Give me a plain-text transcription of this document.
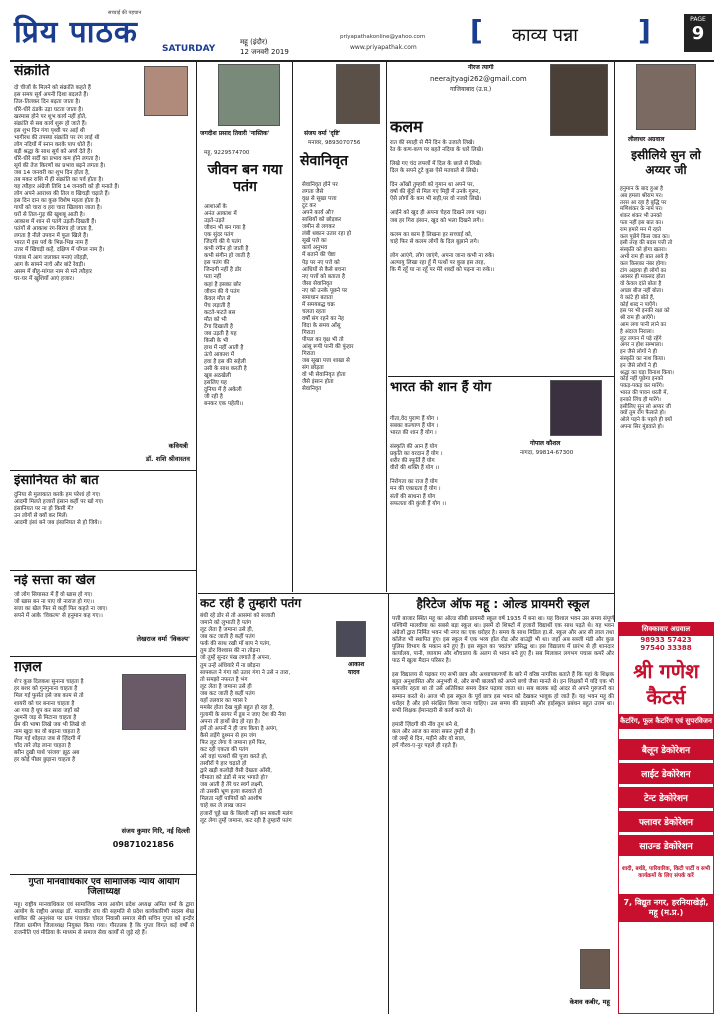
प्रिय पाठक
सच्चाई की पहचान
SATURDAY
महू (इंदौर)
12 जनवरी 2019
priyapathakonline@yahoo.com
www.priyapathak.com
[ काव्य पन्ना ]	PAGE
9
संक्रांति
दो चीजों के मिलने को संक्रांति कहते हैं
इस समय सूर्य अपनी दिशा बदलते हैं।
तिल-तिलकर दिन बढ़ता जाता है।
धीरे-धीरे ठंडके उड़ा घटता जाता है।
खरमास होने पर शुभ कार्य नहीं होते,
संक्रांति से सब कार्य शुरू हो जाते हैं।
इस शुभ दिन गंगा पृथ्वी पर आई थी
भागीरथ की तपस्या संक्रांति पर रंग लाई थी
लोग नदियों में स्नान करके पाप धोते हैं।
बड़ी श्रद्धा के साथ सूर्य को अर्घ्य देते हैं।
धीरे-धीरे सर्दी का प्रभाव कम होने लगता है।
सूर्य की तेज किरणों का प्रभाव बढ़ने लगता है।
जब 14 जनवरी का शुभ दिन होता है,
तब मकर राशि में ही संक्रांति का पर्व होता है।
यह त्यौहार अंग्रेजी तिथि 14 जनवरी को ही मनाते हैं।
लोग अपने आराध्य की तिल व खिचड़ी चढ़ाते हैं।
इस दिन दान का कुछ विशेष महत्व होता है।
गायों को चारा व हरा चारा खिलाया जाता है।
घरों से तिल-गुड़ की खुशबू आती है।
आकाश में शान से पतंगे उड़ती-दिखती हैं।
पतंगों से आकाश रंग-बिरंगा हो जाता है,
लगता है नीले उपवन में फूल खिले हैं।
भारत में इस पर्व के भिन्न-भिन्न नाम हैं
उत्तर में खिचड़ी कहें, दक्षिण में पोंगल नाम है।
पंजाब में आग जलाकर मनाएं लोहड़ी,
आग के सामने नाचे और बांटे रेवड़ी।
असम में बीहू-मांगल नाम से मने त्यौहार
घर-घर में खुशियों आएं हजार।
कवियत्री
डॉ. शशि श्रीवास्तव
इंसानियत की बात
दुनिया से मुलाकात करके हम परेशां हो गए।
आदमी मिलते हजारों इंसान कहीं पर खो गए।
इंसानियत पर ना हो किसी में?
उन लोगों से क्यों कर मिलें।
आदमी इंसां बने जब इंसानियत से हो जिये।।
नई सत्ता का खेल
जो लोग सियासत में हैं वो खास हो गए।
जो खास बन ना पाए वो नाराज हो गए।।
सत्ता का खेल फिर से कहीं फिर कहते ना जाए।
सपने में आके 'विकल्प' से हनुमान कह गए।।
लेखराज वर्मा 'विकल्प'
ग़ज़ल
शे'र कुछ दिलकश सुनाना चाहता है
हर बशर को गुनगुनाना चाहता है
मिल गई फुर्सत इसे जब काम से तो
शायरी को घर बनाना चाहता है
आ गया है धूप कर सारा जहाँ को
दुश्मनी जड़ से मिटाना चाहता है
प्रेम की भाषा लिखे जब भी लिखे वो
नाम खुदा का वो बढ़ाना चाहता है
मिल गई शोहरत जब से ज़िंदगी में
चाँद तारे तोड़ लाना चाहता है
बरीन दुखी पार्थ 'संजय' झूठ अब
हर कोई पीछा छुड़ाना चाहता है
संजय कुमार गिरि, नई दिल्ली
09871021856
गुप्ता मानवाधिकार एवं सामाजिक न्याय आयोग जिलाध्यक्ष
महू। राष्ट्रीय मानवाधिकार एवं सामाजिक न्याय आयोग प्रदेश अध्यक्ष अमित वर्मा के द्वारा आयोग के राष्ट्रीय अध्यक्ष डॉ. मातावीर राय की सहमति से प्रदेश कार्यकारिणी सदस्य शेख शाकिर की अनुशंसा पर ग्राम पंचायत चोरल निवासी समाज सेवी सचिन गुप्ता को इन्दौर जिला ग्रामीण जिलाध्यक्ष नियुक्त किया गया। गौरतलब है कि गुप्ता विगत कई वर्षों से राजनीति एवं मीडिया के माध्यम से समाज सेवा कार्यों से जुड़े रहे हैं।
जगदीश प्रसाद तिवारी 'नास्तिक'
महू, 9229574700
जीवन बन गया पतंग
आशाओं के
अनंत आकाश में
उड़ते-उड़ते
जीवन भी बन गया है
एक सुंदर पतंग
जिंदगी की ये पतंग
कभी रंगीन हो जाती है
कभी संगीन हो जाती है
इस पतंग की
जिन्दगी नहीं है डोर
पता नहीं
कहां है इसका छोर
जीवन की ये पतंग
केवल मौत से
पेंच लड़ाती है
कटते-फटते बस
मौत को भी
टेंगा दिखाती है
जब उड़ती है यह
किसी के भी
हाथ में नहीं आती है
ऊंचे आकाश में
हवा है इस की सहेली
उसी के साथ करती है
खूब अठखेली
इसलिए यह
दुनिया में है अकेली
जी रही है
बनकर एक पहेली।।
संजय वर्मा 'दृष्टि'
मनावर, 9893070756
सेवानिवृत
सेवानिवृत होने पर
लगता जैसे
वृक्ष से सूखा पत्ता
टूट कर
अपने कार्य औ?
साथियों को छोड़कर
जमीन से लगकर
लंबी थकान उतार रहा हो
सूखे पत्ते का
कार्य अनुभव
में बताने की चेष्टा
पेड़ पर नए पत्ते को
आंधियों से कैसे बचना
नए पत्तों को बताता है
जैसा सेवानिवृत
नए को उनके पूछने पर
समाधान बताता
में समयबद्ध चक्र
चलता रहता
वर्षों संग रहने का नेह
विदा के समय आँसू
गिराता
पीपल का वृक्ष भी तो
आंसू रूपी पानी की फुंहार
गिराता
जब सूखा पत्ता शाखा से
संग छोड़ता
वो भी सेवानिवृत होता
जैसे इंसान होता
सेवानिवृत
नीरज त्यागी
neerajtyagi262@gmail.com
गाजियाबाद (उ.प्र.)
कलम
रात की स्याही से मैंने दिन के उजाले लिखे।
रेत के कण-कण पर बहते नदिया के धारे लिखे।

लिखे गए चंद लफ्जों में दिल के छाले से लिखे।
दिल के सपने टूटे कुछ ऐसे मतवाले से लिखे।

दिन आँखों तुम्हारी को गुमान था अपने पर,
वर्षा की बूँदों से मिल गए मिट्टी में उनके गुरूर,
ऐसे लोगों के कम भी सही,पर वो नजारे लिखे।

आईने को खुद ही अपना चेहरा दिखने लगा भद्दा।
जब हर गिरा इंसान, खुद को भला दिखने लगे।।

कलम का काम है लिखना हर सच्चाई को,
चाहे फिर से कलम लोगों के दिल बुझाने लगे।

लोग आएंगे, लोग जाएंगे, अपना जाना कभी ना रुके।
अल्पायु लिखा रहा हूँ मैं पत्थों पर कुछ इस तरह,
कि मैं रहूँ या ना रहूँ पर मेरे शब्दों को पढ़ना ना रुके।।
लीलाधर अग्रवाल
इसीलिये सुन लो अय्यर जी
हनुमान के बाद हुआ है
अब हमला श्रीराम पर।
तरस आ रहा है बुद्धि पर
मणिशंकर के नाम पर।
शंकर शंकर भी उनको
पता नहीं इस बात का।
राम हमारे मन में रहते
कल पूछेंगे किस जात का।
इसी तरह की बदस पत्ती तो
संस्कृति को होगा खतरा।
अभी राम ही बात आये है
कल किसका नंबर होगा।
टांग अड़ाया ही लोगों का
अवसर ही मकसद होता
वो केवल दांते बोता है
अच्छा बीज नहीं बोता।
ये कांटे ही बोते हैं,
कोई शब्द न पाएँगे।
इस पर भी इनकी रक्षा को
श्री राम ही आएँगे।
आम लगा पानी लाने का
है अंदाज निराला।
लुट लगान में पड़े रहेंगे
अगर न होश सम्भाला।
इन जैसे लोगों ने ही
संस्कृति का नाश किया।
इन जैसे लोगों ने ही
श्रद्धा का घड़ा विनाश किया।
कोई नहीं पूछेगा इनको
पकड़-पकड़ कर मारेंगे।
भारत की पावन धरती में,
इनको लिंच ही मारेंगे।
इसीलिए सुन लो अय्यर जी
क्यों तुम रोग फैलाते हो।
ओले पड़ने के पहले ही क्यों
अपना सिर मुंडवाते हो।
भारत की शान हैं योग
गोपाल कौशल
नागदा, 99814-67300
गीता,वेद पुराण हैं योग ।
सबका कल्याण हैं योग ।
भारत की शान हैं योग ।

संस्कृति की आन हैं योग
प्रकृति का वरदान हैं योग ।
शरीर की स्फूर्ति हैं योग
वीरों की शक्ति हैं योग ।।

निरोगता का राज हैं योग
मन की एकाग्रता हैं योग ।
संतों की साधना हैं योग
सफलता की कुंजी हैं योग ।।
कट रही है तुम्हारी पतंग
आकाश यादव
बंधी रहे डोर से तो आसमां को सजाती
जमाने को लुभाती है पतंग
लूट लेता है जमाना उसे ही,
जब कट जाती है कहीं पतंग
फर्क की साथ रखी माँ बाप ने पतंग,
तुम डोर विश्वास की ना तोड़ना
जो तुम्हें सुन्दर पंख लगाते हैं अपना,
तुम उन्हें अंधियारे में ना छोड़ना
साफ्कल ने गंगा को उतार गंगा ने उसे न तारा,
तो समझो नफरत है भंग
लूट लेता है जमाना उसे ही
जब कट जाती है कहीं पतंग
यहाँ तलवार का प्यास रे
ममबेर होता देख मुझे बहुत हो रहा है,
गुलामी के सागर में डूब न जाए देश की नैया
अपना तो हाथों छेद हो रहा है।
हमें तो अपनों ने ही जप किया है अपंग,
कैसे लड़ेंगे दुश्मन से हम जंग
फिर लूट लेगा ये जमाना हमें फिर,
कट रही एकता की पतंग
अरे वहां पत्थरों की पूजा करते हो,
तस्वीरों पे हार चढ़ाते हो
द्वारे खड़ी कलोड़ी वैसी देखता आँसी,
गौमाता को डंडों से मार भगाते हो?
जब आती है तेरे घर स्वर्ग लक्ष्मी,
तो उसकी भ्रूण हत्या करवाते हो
मिलता नहीं पापियों को आशीष
चाहे कर ले लाख जतन
हजारों चूहे खा के बिल्ली नहीं बन सकती मलंग
लूट लेगा तुम्हें जमाना, कट रही है तुम्हारी पतंग
हैरिटेज ऑफ महू : ओल्ड प्रायमरी स्कूल
पत्ती बाजार स्थित महू का ओल्ड सीबी प्रायमरी स्कूल वर्ष 1935 में बना था। यह विशाल भवन उस समय संपूर्ण पश्चिमी मालवीया का सबसे बड़ा स्कूल था। इसमें दो शिफ्टों में हजारों विद्यार्थी एक साथ पढ़ते थे। यह भवन अंग्रेजों द्वारा निर्मित भवन भी नगर का एक धरोहर है। समय के साथ मिडिल हा.से. स्कूल और आर सी लाल तथा कॉलेज भी स्थापित हुए। इस स्कूल में एक भव्य हॉल रोड और बाउंड्री भी था। जहाँ अब सब्जी मंडी और कुछ पुलिस विभाग के मकान बने हुए हैं। इस स्कूल का 'स्वतंत्र' प्रसिद्ध था। इस विद्यालय में प्रारंभ से ही शानदार कार्यालय, पानी, व्यायाम और शौचालय के अलग से भवन बने हुए हैं। सब मिलाकर लगभग पचास कमरें और पाठ में खुला मैदान परिसर है।

इस विद्यालय से पढ़कर गए सभी छात्र और अध्यापकगणों के बारे में वरिष्ठ नागरिक बताते हैं कि यहां के शिक्षक बहुत अनुशासित और अनुभवी थे, और सभी बालकों को अपने बच्चे जैसा मानते थे। इन शिक्षकों में यदि एक भी कमजोर रहता था तो उसे अतिरिक्त समय देकर पढ़ाया जाता था। सब बालक बड़े आदर से अपने गुरुजनों का सम्मान करते थे। आज भी इस स्कूल के पूर्व छात्र इस भवन को देखकर भावुक हो जाते हैं। यह भवन महू की धरोहर है और इसे संरक्षित किया जाना चाहिए। उस समय की प्राइमरी और हाईस्कूल प्रबंधन बहुत उत्तम था। सभी शिक्षक ईमानदारी से कार्य करते थे।

हमारी ज़िंदगी की नींव तुम बने थे,
कल और आज का सारा सफ़र तुम्हीं से है।
जो लम्हें थे दिन, महीने और वो साल,
हमें गौरव-ए-नूर पहले ही रहते हैं।
केशव कबीर, महू
सिक्कावार अग्रवाल
98933 57423
97540 33388
श्री गणेश कैटर्स
कैटरिंग, फूल कैटरिंग एवं सुपरविजन
बैलून डेकोरेशन
लाईट डेकोरेशन
टेन्ट डेकोरेशन
फ्लावर डेकोरेशन
साउन्ड डेकोरेशन
शादी, बर्थडे, पारिवारिक, किटी पार्टी व सभी कार्यक्रमों के लिए संपर्क करें
7, विद्युत नगर, हरनियाखेड़ी, महू (म.प्र.)
